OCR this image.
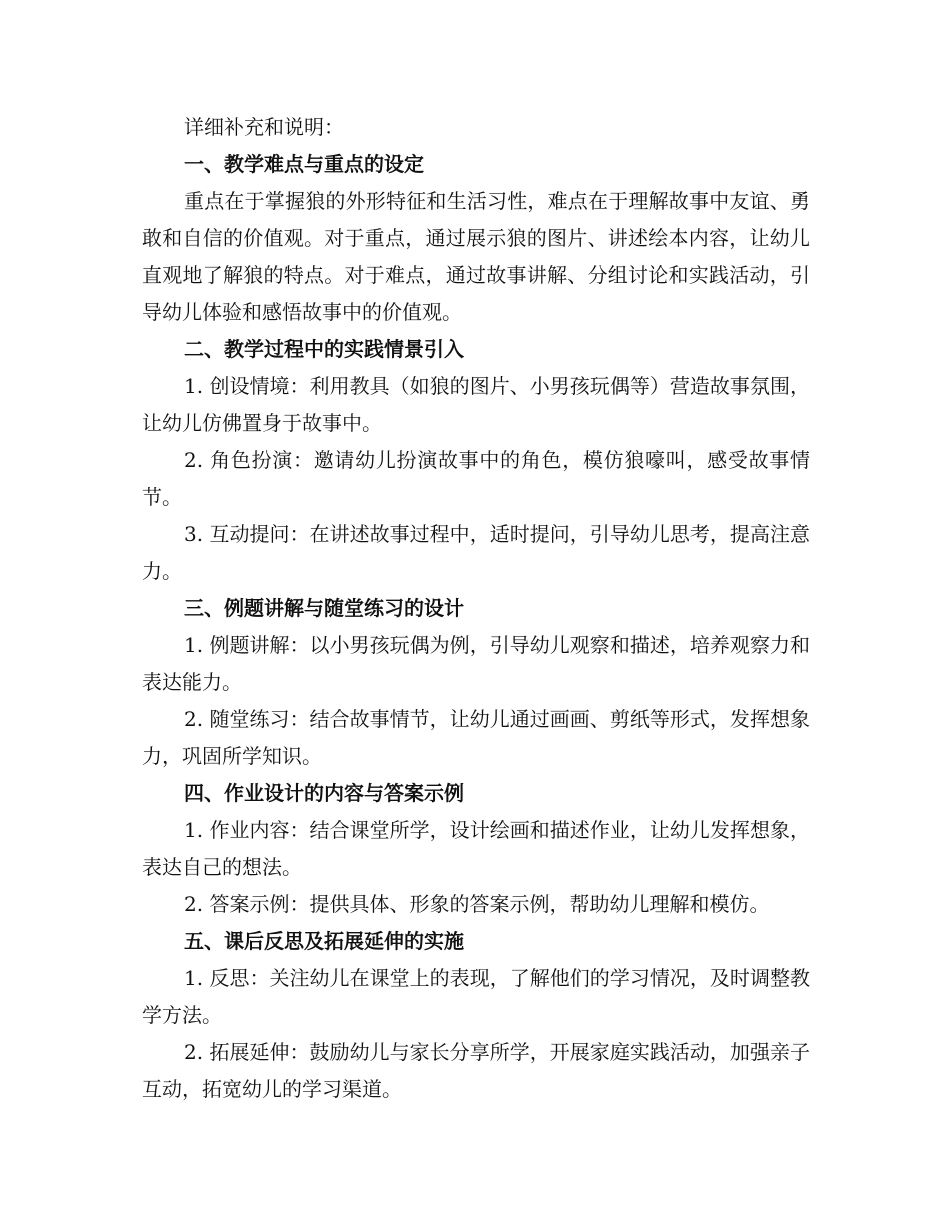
详细补充和说明：

一、教学难点与重点的设定

重点在于掌握狼的外形特征和生活习性，难点在于理解故事中友谊、勇敢和自信的价值观。对于重点，通过展示狼的图片、讲述绘本内容，让幼儿直观地了解狼的特点。对于难点，通过故事讲解、分组讨论和实践活动，引导幼儿体验和感悟故事中的价值观。

二、教学过程中的实践情景引入

1. 创设情境：利用教具（如狼的图片、小男孩玩偶等）营造故事氛围，让幼儿仿佛置身于故事中。

2. 角色扮演：邀请幼儿扮演故事中的角色，模仿狼嚎叫，感受故事情节。

3. 互动提问：在讲述故事过程中，适时提问，引导幼儿思考，提高注意力。

三、例题讲解与随堂练习的设计

1. 例题讲解：以小男孩玩偶为例，引导幼儿观察和描述，培养观察力和表达能力。

2. 随堂练习：结合故事情节，让幼儿通过画画、剪纸等形式，发挥想象力，巩固所学知识。

四、作业设计的内容与答案示例

1. 作业内容：结合课堂所学，设计绘画和描述作业，让幼儿发挥想象，表达自己的想法。

2. 答案示例：提供具体、形象的答案示例，帮助幼儿理解和模仿。

五、课后反思及拓展延伸的实施

1. 反思：关注幼儿在课堂上的表现，了解他们的学习情况，及时调整教学方法。

2. 拓展延伸：鼓励幼儿与家长分享所学，开展家庭实践活动，加强亲子互动，拓宽幼儿的学习渠道。
